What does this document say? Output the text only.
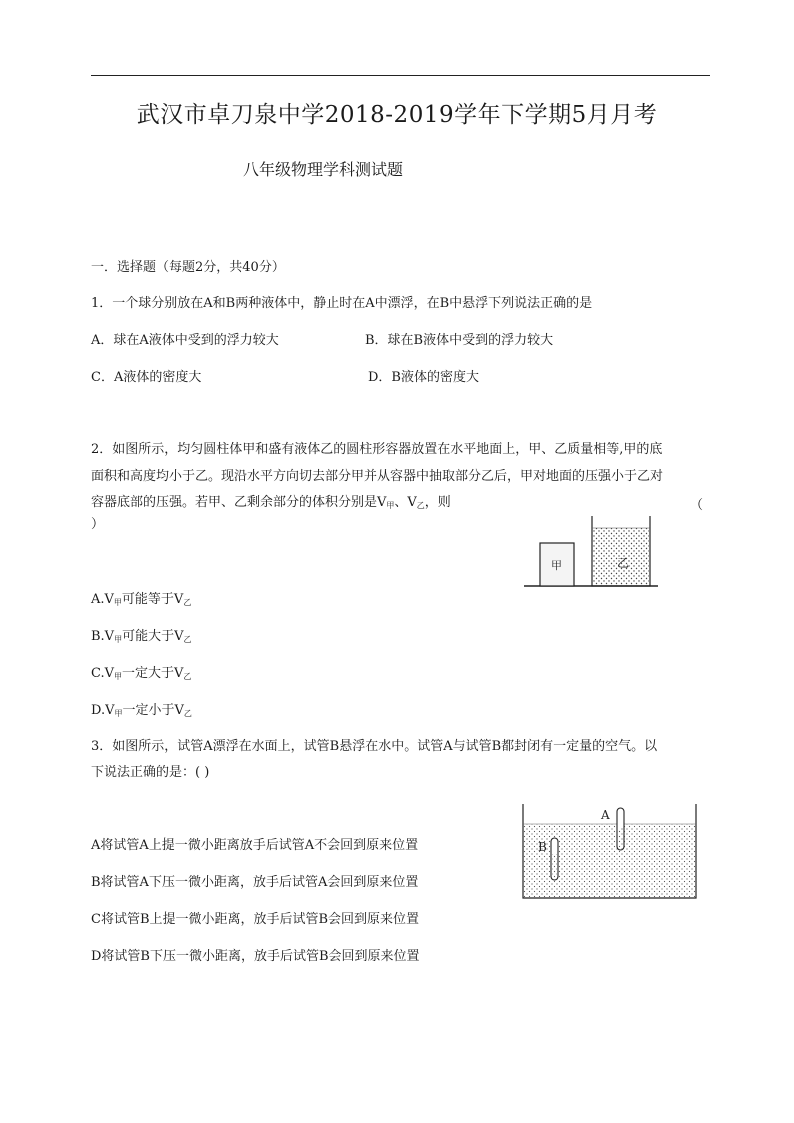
武汉市卓刀泉中学2018-2019学年下学期5月月考
八年级物理学科测试题
一．选择题（每题2分，共40分）
1．一个球分别放在A和B两种液体中，静止时在A中漂浮，在B中悬浮下列说法正确的是
A．球在A液体中受到的浮力较大	B．球在B液体中受到的浮力较大
C．A液体的密度大	D．B液体的密度大
2．如图所示，均匀圆柱体甲和盛有液体乙的圆柱形容器放置在水平地面上，甲、乙质量相等,甲的底
面积和高度均小于乙。现沿水平方向切去部分甲并从容器中抽取部分乙后，甲对地面的压强小于乙对
容器底部的压强。若甲、乙剩余部分的体积分别是V甲、V乙，则	（
）
甲	乙
A.V甲可能等于V乙
B.V甲可能大于V乙
C.V甲一定大于V乙
D.V甲一定小于V乙
3．如图所示，试管A漂浮在水面上，试管B悬浮在水中。试管A与试管B都封闭有一定量的空气。以
下说法正确的是：( )
A
B
A将试管A上提一微小距离放手后试管A不会回到原来位置
B将试管A下压一微小距离，放手后试管A会回到原来位置
C将试管B上提一微小距离，放手后试管B会回到原来位置
D将试管B下压一微小距离，放手后试管B会回到原来位置
